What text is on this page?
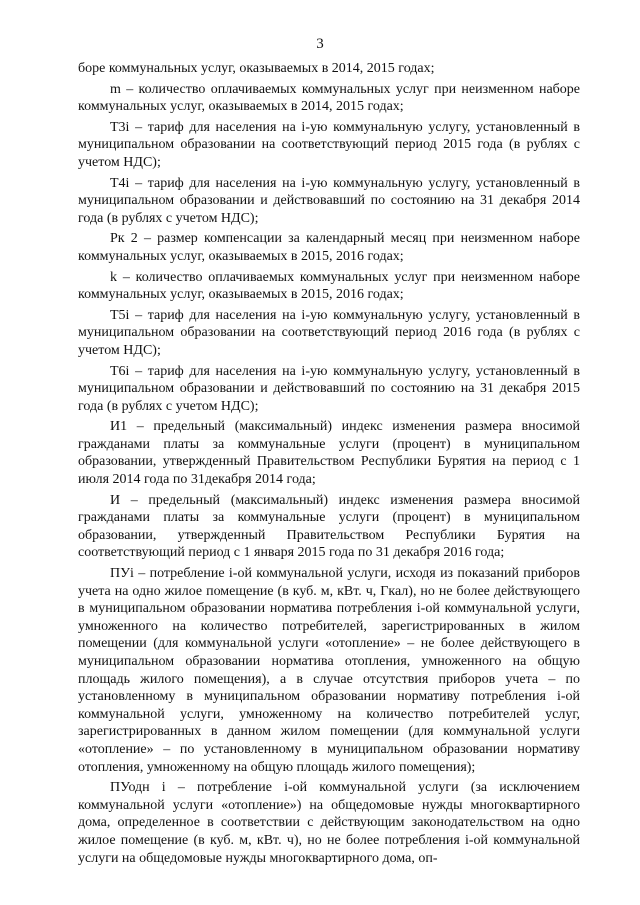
3

боре коммунальных услуг, оказываемых в 2014, 2015 годах;

m – количество оплачиваемых коммунальных услуг при неизменном наборе коммунальных услуг, оказываемых в 2014, 2015 годах;

Т3i – тариф для населения на i-ую коммунальную услугу, установленный в муниципальном образовании на соответствующий период 2015 года (в рублях с учетом НДС);

Т4i – тариф для населения на i-ую коммунальную услугу, установленный в муниципальном образовании и действовавший по состоянию на 31 декабря 2014 года (в рублях с учетом НДС);

Рк 2 – размер компенсации за календарный месяц при неизменном наборе коммунальных услуг, оказываемых в 2015, 2016 годах;

k – количество оплачиваемых коммунальных услуг при неизменном наборе коммунальных услуг, оказываемых в 2015, 2016 годах;

Т5i – тариф для населения на i-ую коммунальную услугу, установленный в муниципальном образовании на соответствующий период 2016 года (в рублях с учетом НДС);

Т6i – тариф для населения на i-ую коммунальную услугу, установленный в муниципальном образовании и действовавший по состоянию на 31 декабря 2015 года (в рублях с учетом НДС);

И1 – предельный (максимальный) индекс изменения размера вносимой гражданами платы за коммунальные услуги (процент) в муниципальном образовании, утвержденный Правительством Республики Бурятия на период с 1 июля 2014 года по 31декабря 2014 года;

И – предельный (максимальный) индекс изменения размера вносимой гражданами платы за коммунальные услуги (процент) в муниципальном образовании, утвержденный Правительством Республики Бурятия на соответствующий период с 1 января 2015 года по 31 декабря 2016 года;

ПУi – потребление i-ой коммунальной услуги, исходя из показаний приборов учета на одно жилое помещение (в куб. м, кВт. ч, Гкал), но не более действующего в муниципальном образовании норматива потребления i-ой коммунальной услуги, умноженного на количество потребителей, зарегистрированных в жилом помещении (для коммунальной услуги «отопление» – не более действующего в муниципальном образовании норматива отопления, умноженного на общую площадь жилого помещения), а в случае отсутствия приборов учета – по установленному в муниципальном образовании нормативу потребления i-ой коммунальной услуги, умноженному на количество потребителей услуг, зарегистрированных в данном жилом помещении (для коммунальной услуги «отопление» – по установленному в муниципальном образовании нормативу отопления, умноженному на общую площадь жилого помещения);

ПУодн i – потребление i-ой коммунальной услуги (за исключением коммунальной услуги «отопление») на общедомовые нужды многоквартирного дома, определенное в соответствии с действующим законодательством на одно жилое помещение (в куб. м, кВт. ч), но не более потребления i-ой коммунальной услуги на общедомовые нужды многоквартирного дома, оп-
